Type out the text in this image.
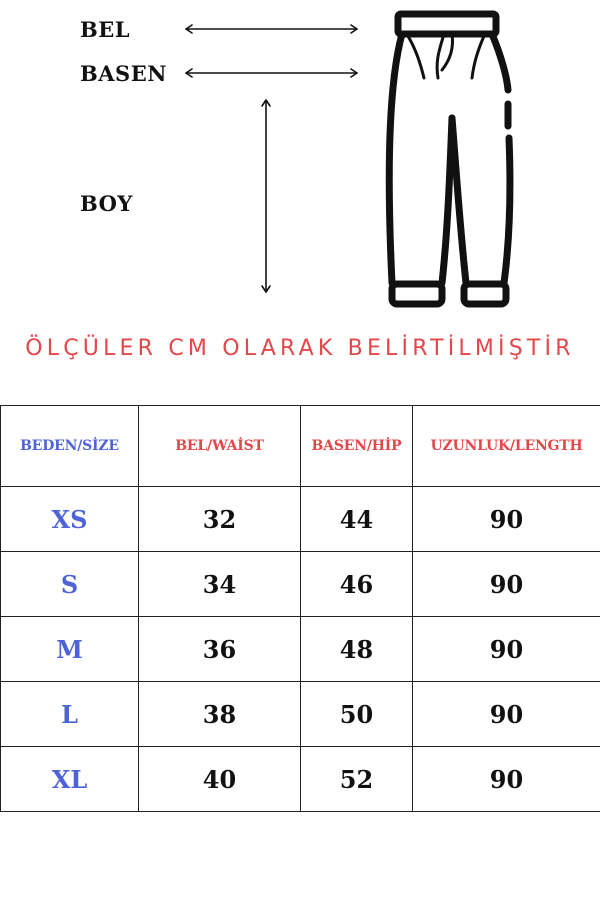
BEL
BASEN
BOY
ÖLÇÜLER CM OLARAK BELİRTİLMİŞTİR
BEDEN/SİZE	BEL/WAİST	BASEN/HİP	UZUNLUK/LENGTH
XS	32	44	90
S	34	46	90
M	36	48	90
L	38	50	90
XL	40	52	90
